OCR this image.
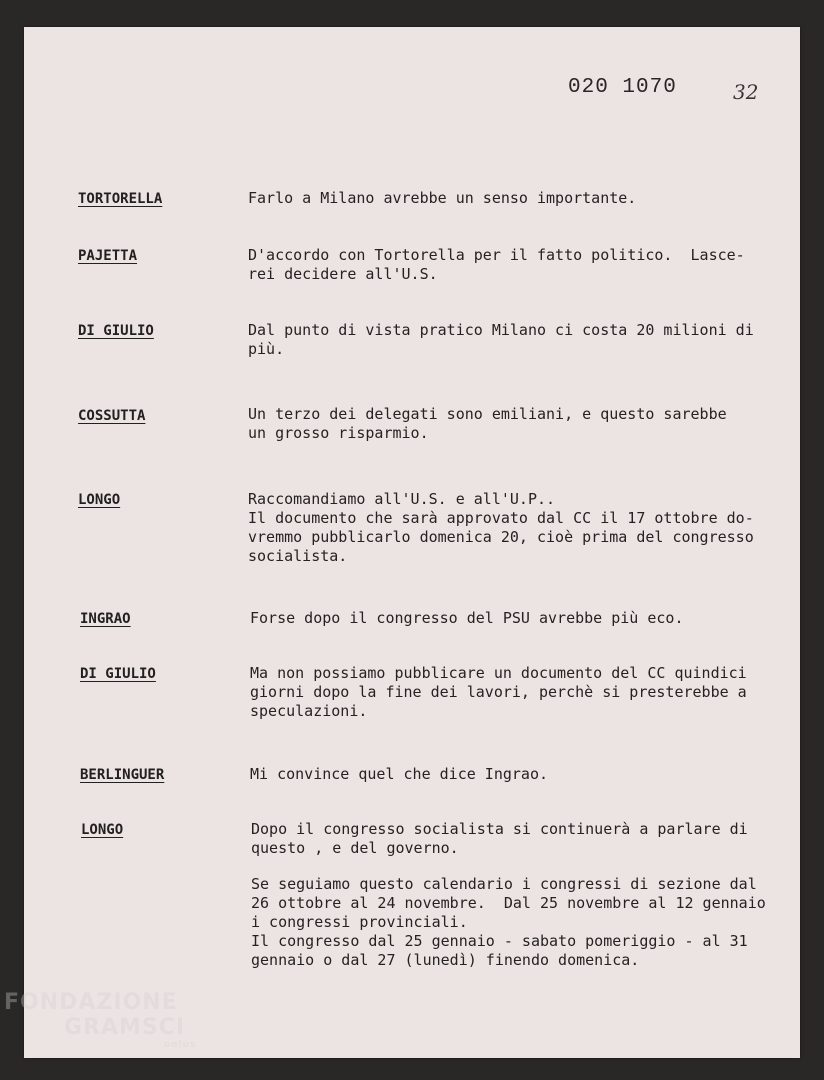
020 1070	32
TORTORELLA	Farlo a Milano avrebbe un senso importante.

PAJETTA	D'accordo con Tortorella per il fatto politico.  Lasce-
rei decidere all'U.S.

DI GIULIO	Dal punto di vista pratico Milano ci costa 20 milioni di
più.

COSSUTTA	Un terzo dei delegati sono emiliani, e questo sarebbe
un grosso risparmio.

LONGO	Raccomandiamo all'U.S. e all'U.P..
Il documento che sarà approvato dal CC il 17 ottobre do-
vremmo pubblicarlo domenica 20, cioè prima del congresso
socialista.

INGRAO	Forse dopo il congresso del PSU avrebbe più eco.

DI GIULIO	Ma non possiamo pubblicare un documento del CC quindici
giorni dopo la fine dei lavori, perchè si presterebbe a
speculazioni.

BERLINGUER	Mi convince quel che dice Ingrao.

LONGO	Dopo il congresso socialista si continuerà a parlare di
questo , e del governo.

Se seguiamo questo calendario i congressi di sezione dal
26 ottobre al 24 novembre.  Dal 25 novembre al 12 gennaio
i congressi provinciali.
Il congresso dal 25 gennaio - sabato pomeriggio - al 31
gennaio o dal 27 (lunedì) finendo domenica.

FONDAZIONE
GRAMSCI
onlus
